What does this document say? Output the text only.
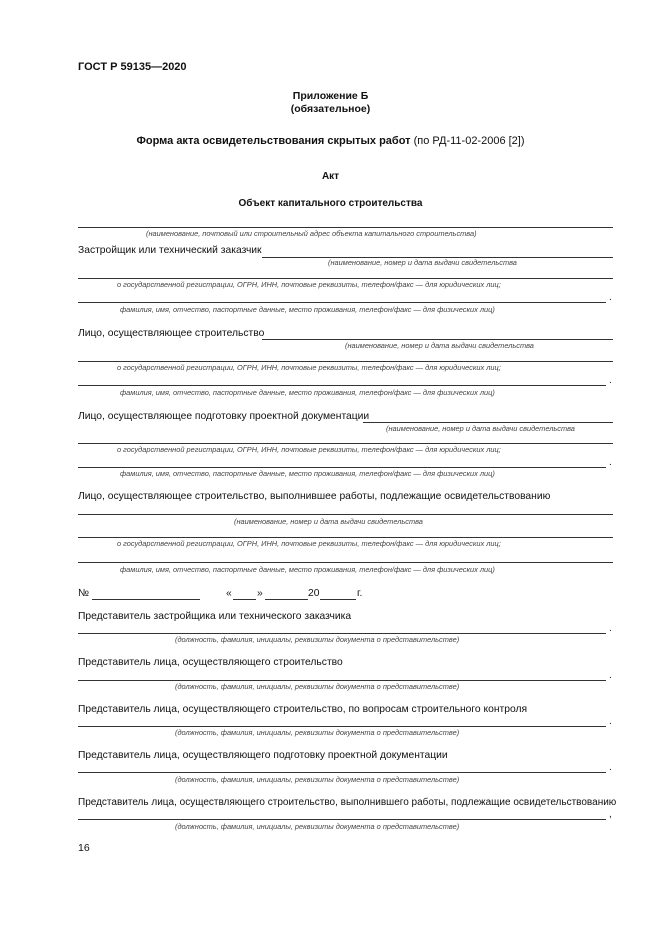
ГОСТ Р 59135—2020
Приложение Б
(обязательное)
Форма акта освидетельствования скрытых работ (по РД-11-02-2006 [2])
Акт
Объект капитального строительства
(наименование, почтовый или строительный адрес объекта капитального строительства)
Застройщик или технический заказчик
(наименование, номер и дата выдачи свидетельства
о государственной регистрации, ОГРН, ИНН, почтовые реквизиты, телефон/факс — для юридических лиц;
.
фамилия, имя, отчество, паспортные данные, место проживания, телефон/факс — для физических лиц)
Лицо, осуществляющее строительство
(наименование, номер и дата выдачи свидетельства
о государственной регистрации, ОГРН, ИНН, почтовые реквизиты, телефон/факс — для юридических лиц;
.
фамилия, имя, отчество, паспортные данные, место проживания, телефон/факс — для физических лиц)
Лицо, осуществляющее подготовку проектной документации
(наименование, номер и дата выдачи свидетельства
о государственной регистрации, ОГРН, ИНН, почтовые реквизиты, телефон/факс — для юридических лиц;
.
фамилия, имя, отчество, паспортные данные, место проживания, телефон/факс — для физических лиц)
Лицо, осуществляющее строительство, выполнившее работы, подлежащие освидетельствованию
(наименование, номер и дата выдачи свидетельства
о государственной регистрации, ОГРН, ИНН, почтовые реквизиты, телефон/факс — для юридических лиц;
фамилия, имя, отчество, паспортные данные, место проживания, телефон/факс — для физических лиц)
№	« »	20	г.
Представитель застройщика или технического заказчика
.
(должность, фамилия, инициалы, реквизиты документа о представительстве)
Представитель лица, осуществляющего строительство
.
(должность, фамилия, инициалы, реквизиты документа о представительстве)
Представитель лица, осуществляющего строительство, по вопросам строительного контроля
.
(должность, фамилия, инициалы, реквизиты документа о представительстве)
Представитель лица, осуществляющего подготовку проектной документации
.
(должность, фамилия, инициалы, реквизиты документа о представительстве)
Представитель лица, осуществляющего строительство, выполнившего работы, подлежащие освидетельствованию
,
(должность, фамилия, инициалы, реквизиты документа о представительстве)
16
